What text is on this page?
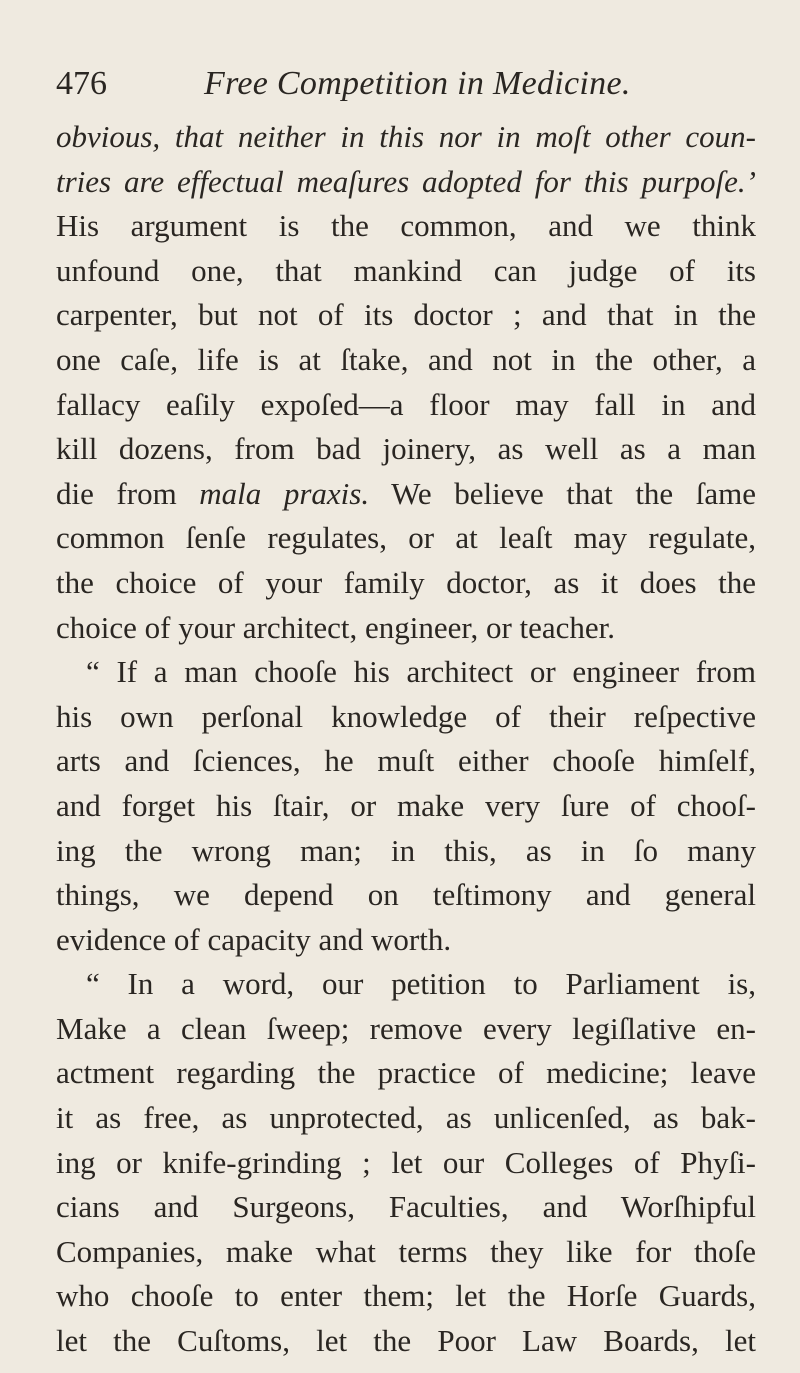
476	Free Competition in Medicine.
obvious, that neither in this nor in moſt other coun-
tries are effectual meaſures adopted for this purpoſe.’
His argument is the common, and we think
unfound one, that mankind can judge of its
carpenter, but not of its doctor ; and that in the
one caſe, life is at ſtake, and not in the other, a
fallacy eaſily expoſed—a floor may fall in and
kill dozens, from bad joinery, as well as a man
die from mala praxis. We believe that the ſame
common ſenſe regulates, or at leaſt may regulate,
the choice of your family doctor, as it does the
choice of your architect, engineer, or teacher.
“ If a man chooſe his architect or engineer from
his own perſonal knowledge of their reſpective
arts and ſciences, he muſt either chooſe himſelf,
and forget his ſtair, or make very ſure of chooſ-
ing the wrong man; in this, as in ſo many
things, we depend on teſtimony and general
evidence of capacity and worth.
“ In a word, our petition to Parliament is,
Make a clean ſweep; remove every legiſlative en-
actment regarding the practice of medicine; leave
it as free, as unprotected, as unlicenſed, as bak-
ing or knife-grinding ; let our Colleges of Phyſi-
cians and Surgeons, Faculties, and Worſhipful
Companies, make what terms they like for thoſe
who chooſe to enter them; let the Horſe Guards,
let the Cuſtoms, let the Poor Law Boards, let
